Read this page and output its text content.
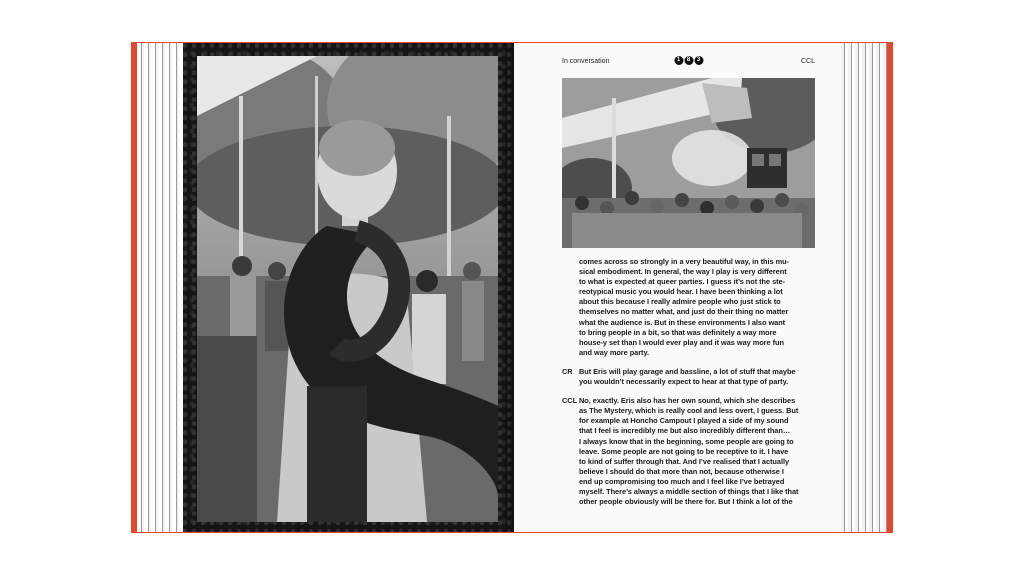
In conversation	1	8	3	CCL
comes across so strongly in a very beautiful way, in this mu-
sical embodiment. In general, the way I play is very different
to what is expected at queer parties. I guess it’s not the ste-
reotypical music you would hear. I have been thinking a lot
about this because I really admire people who just stick to
themselves no matter what, and just do their thing no matter
what the audience is. But in these environments I also want
to bring people in a bit, so that was definitely a way more
house-y set than I would ever play and it was way more fun
and way more party.
CR But Eris will play garage and bassline, a lot of stuff that maybe
you wouldn’t necessarily expect to hear at that type of party.
CCL No, exactly. Eris also has her own sound, which she describes
as The Mystery, which is really cool and less overt, I guess. But
for example at Honcho Campout I played a side of my sound
that I feel is incredibly me but also incredibly different than…
I always know that in the beginning, some people are going to
leave. Some people are not going to be receptive to it. I have
to kind of suffer through that. And I’ve realised that I actually
believe I should do that more than not, because otherwise I
end up compromising too much and I feel like I’ve betrayed
myself. There’s always a middle section of things that I like that
other people obviously will be there for. But I think a lot of the
